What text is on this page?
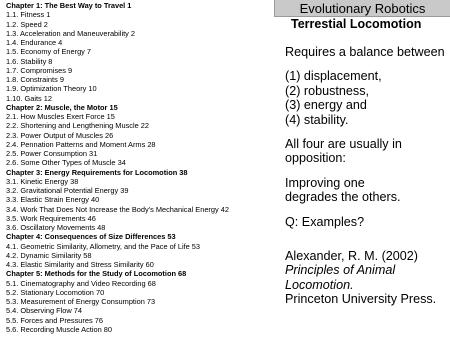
Chapter 1: The Best Way to Travel 1
1.1. Fitness 1
1.2. Speed 2
1.3. Acceleration and Maneuverability 2
1.4. Endurance 4
1.5. Economy of Energy 7
1.6. Stability 8
1.7. Compromises 9
1.8. Constraints 9
1.9. Optimization Theory 10
1.10. Gaits 12
Chapter 2: Muscle, the Motor 15
2.1. How Muscles Exert Force 15
2.2. Shortening and Lengthening Muscle 22
2.3. Power Output of Muscles 26
2.4. Pennation Patterns and Moment Arms 28
2.5. Power Consumption 31
2.6. Some Other Types of Muscle 34
Chapter 3: Energy Requirements for Locomotion 38
3.1. Kinetic Energy 38
3.2. Gravitational Potential Energy 39
3.3. Elastic Strain Energy 40
3.4. Work That Does Not Increase the Body's Mechanical Energy 42
3.5. Work Requirements 46
3.6. Oscillatory Movements 48
Chapter 4: Consequences of Size Differences 53
4.1. Geometric Similarity, Allometry, and the Pace of Life 53
4.2. Dynamic Similarity 58
4.3. Elastic Similarity and Stress Similarity 60
Chapter 5: Methods for the Study of Locomotion 68
5.1. Cinematography and Video Recording 68
5.2. Stationary Locomotion 70
5.3. Measurement of Energy Consumption 73
5.4. Observing Flow 74
5.5. Forces and Pressures 76
5.6. Recording Muscle Action 80
Evolutionary Robotics
Terrestial Locomotion
Requires a balance between
(1) displacement,
(2) robustness,
(3) energy and
(4) stability.
All four are usually in
opposition:
Improving one
degrades the others.
Q: Examples?
Alexander, R. M. (2002)
Principles of Animal
Locomotion.
Princeton University Press.
